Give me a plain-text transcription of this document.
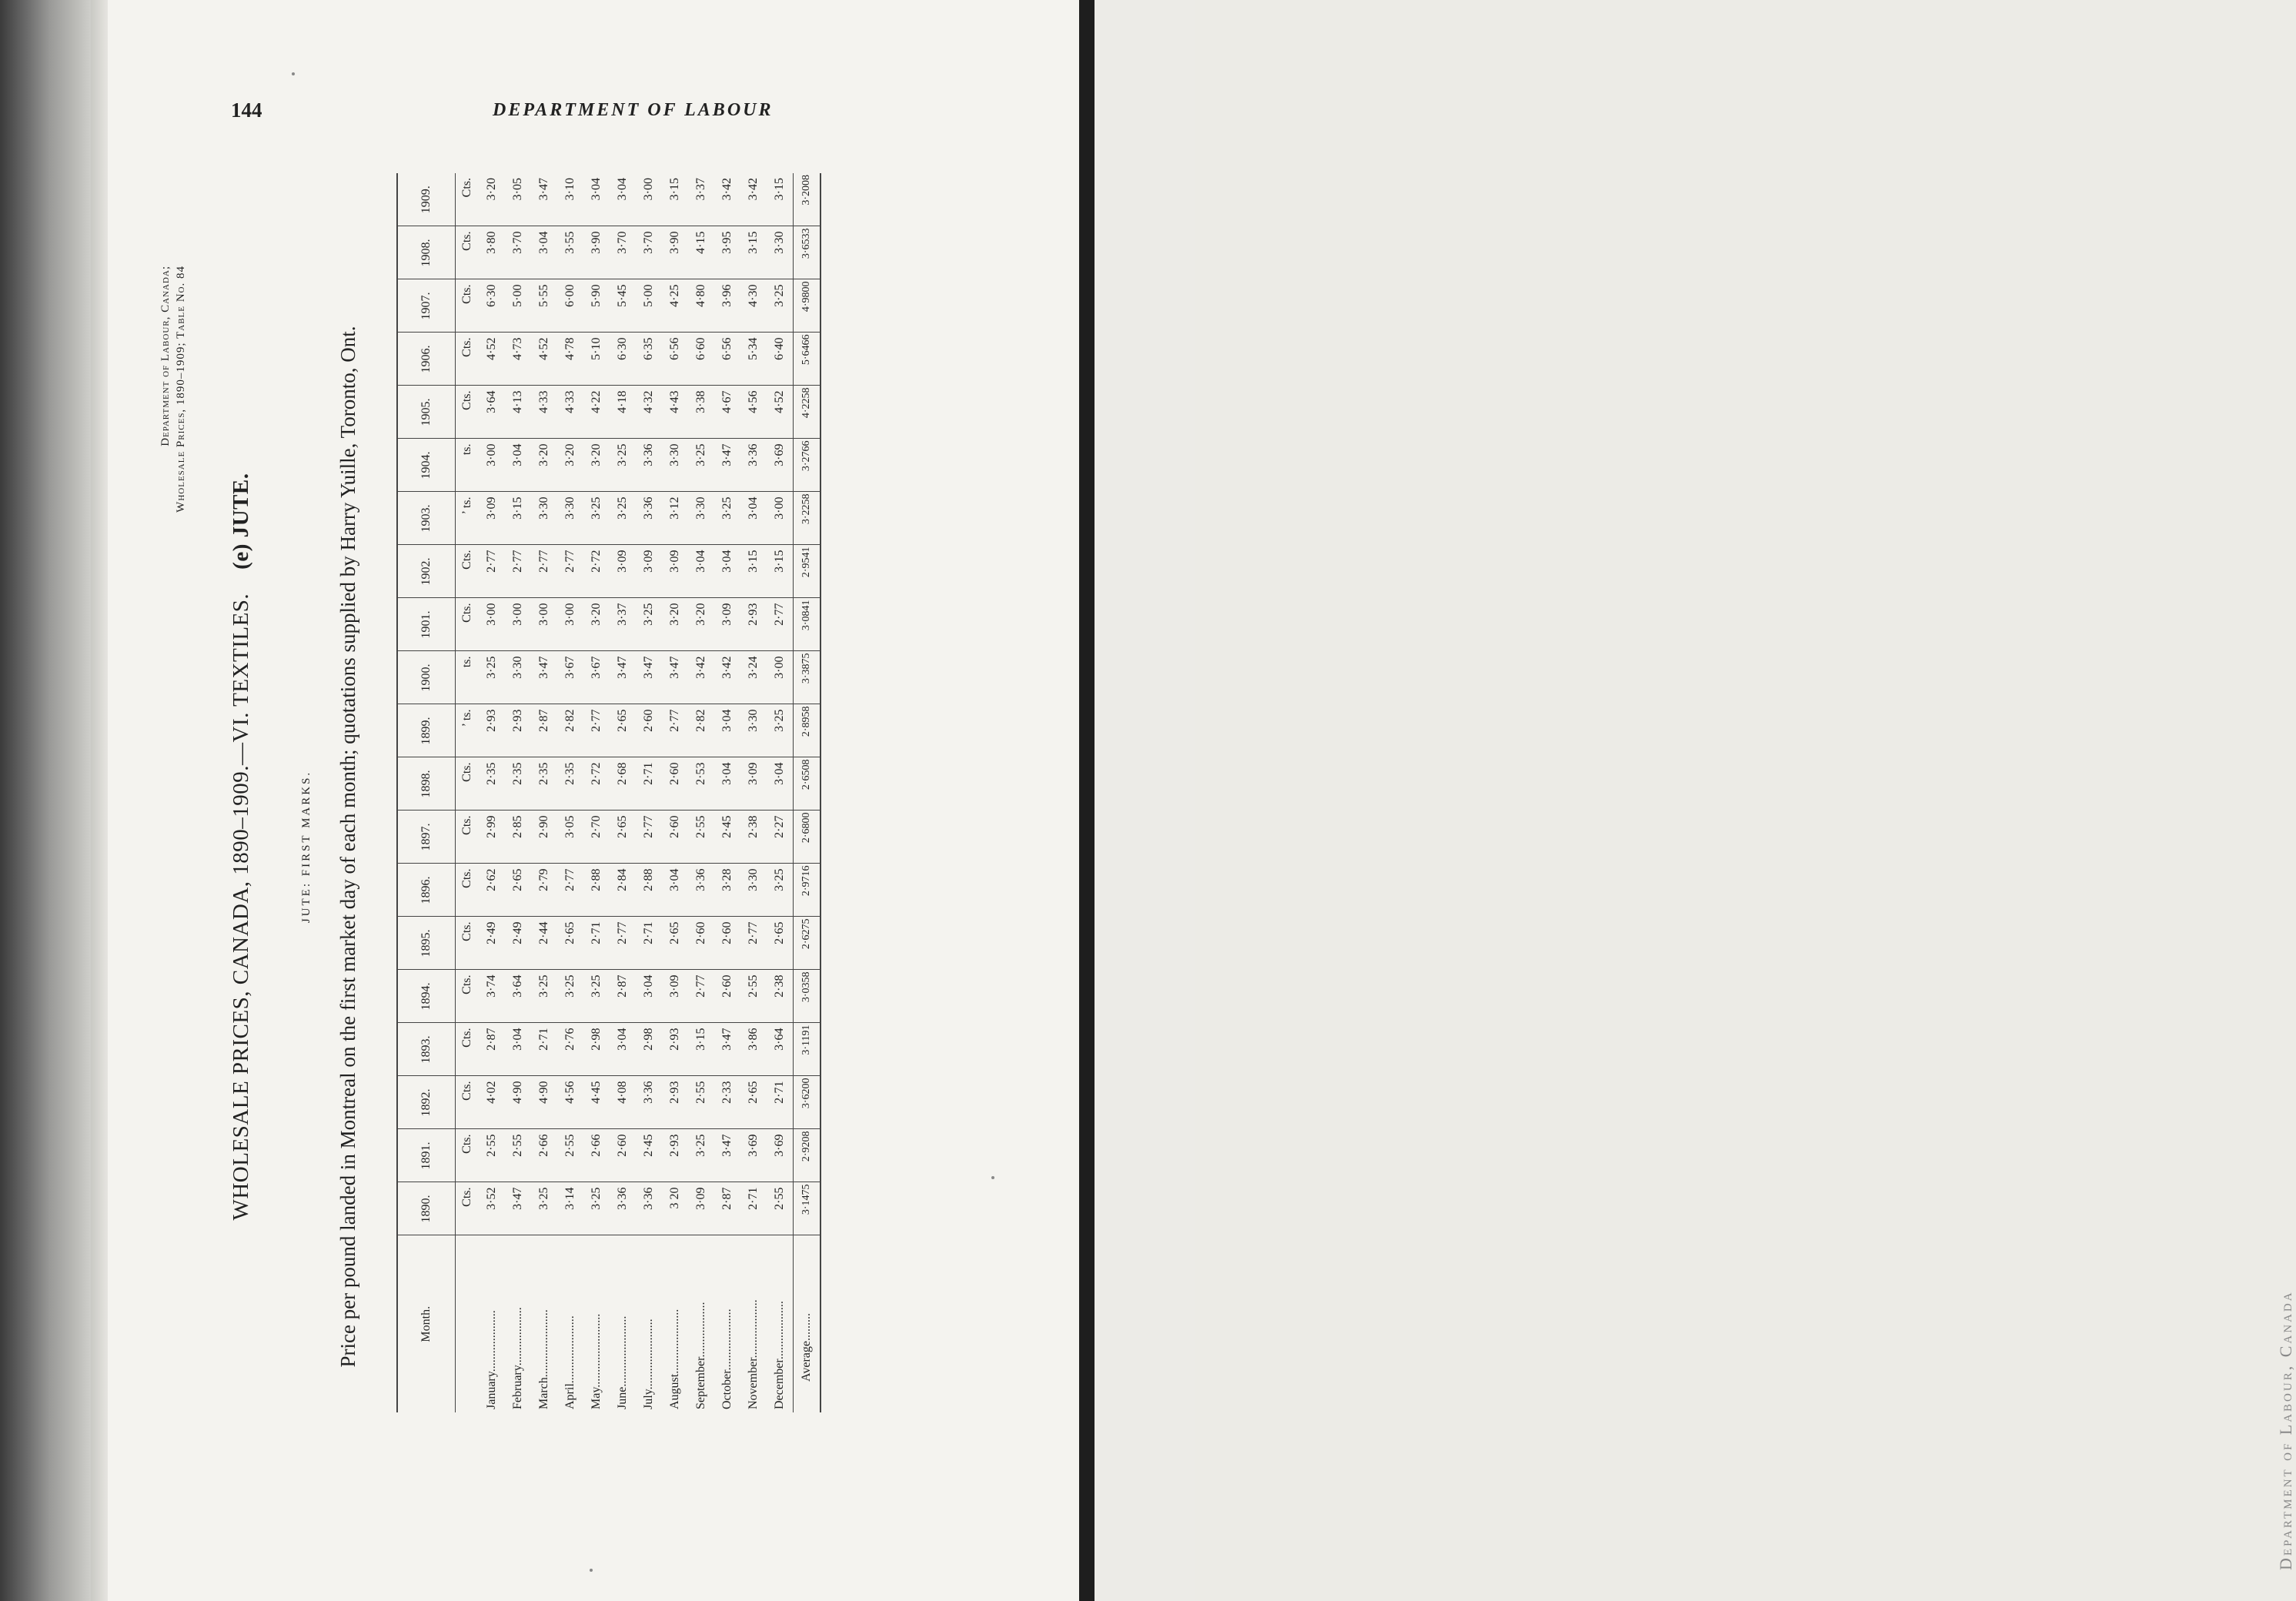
Department of Labour, Canada
144	DEPARTMENT OF LABOUR
Department of Labour, Canada; Wholesale Prices, 1890–1909; Table No. 84
WHOLESALE PRICES, CANADA, 1890–1909.—VI. TEXTILES.    (e) JUTE.
JUTE: FIRST MARKS. Price per pound landed in Montreal on the first market day of each month; quotations supplied by Harry Yuille, Toronto, Ont.	Month.	1890.	1891.	1892.	1893.	1894.	1895.	1896.	1897.	1898.	1899.	1900.	1901.	1902.	1903.	1904.	1905.	1906.	1907.	1908.	1909.
	Cts.	Cts.	Cts.	Cts.	Cts.	Cts.	Cts.	Cts.	Cts.	’ ts.	ts.	Cts.	Cts.	’ ts.	ts.	Cts.	Cts.	Cts.	Cts.	Cts.
January....................	3·52	2·55	4·02	2·87	3·74	2·49	2·62	2·99	2·35	2·93	3·25	3·00	2·77	3·09	3·00	3·64	4·52	6·30	3·80	3·20
February...................	3·47	2·55	4·90	3·04	3·64	2·49	2·65	2·85	2·35	2·93	3·30	3·00	2·77	3·15	3·04	4·13	4·73	5·00	3·70	3·05
March......................	3·25	2·66	4·90	2·71	3·25	2·44	2·79	2·90	2·35	2·87	3·47	3·00	2·77	3·30	3·20	4·33	4·52	5·55	3·04	3·47
April......................	3·14	2·55	4·56	2·76	3·25	2·65	2·77	3·05	2·35	2·82	3·67	3·00	2·77	3·30	3·20	4·33	4·78	6·00	3·55	3·10
May........................	3·25	2·66	4·45	2·98	3·25	2·71	2·88	2·70	2·72	2·77	3·67	3·20	2·72	3·25	3·20	4·22	5·10	5·90	3·90	3·04
June.......................	3·36	2·60	4·08	3·04	2·87	2·77	2·84	2·65	2·68	2·65	3·47	3·37	3·09	3·25	3·25	4·18	6·30	5·45	3·70	3·04
July.......................	3·36	2·45	3·36	2·98	3·04	2·71	2·88	2·77	2·71	2·60	3·47	3·25	3·09	3·36	3·36	4·32	6·35	5·00	3·70	3·00
August.....................	3 20	2·93	2·93	2·93	3·09	2·65	3·04	2·60	2·60	2·77	3·47	3·20	3·09	3·12	3·30	4·43	6·56	4·25	3·90	3·15
September..................	3·09	3·25	2·55	3·15	2·77	2·60	3·36	2·55	2·53	2·82	3·42	3·20	3·04	3·30	3·25	3·38	6·60	4·80	4·15	3·37
October....................	2·87	3·47	2·33	3·47	2·60	2·60	3·28	2·45	3·04	3·04	3·42	3·09	3·04	3·25	3·47	4·67	6·56	3·96	3·95	3·42
November...................	2·71	3·69	2·65	3·86	2·55	2·77	3·30	2·38	3·09	3·30	3·24	2·93	3·15	3·04	3·36	4·56	5·34	4·30	3·15	3·42
December...................	2·55	3·69	2·71	3·64	2·38	2·65	3·25	2·27	3·04	3·25	3·00	2·77	3·15	3·00	3·69	4·52	6·40	3·25	3·30	3·15
Average.........	3·1475	2·9208	3·6200	3·1191	3·0358	2·6275	2·9716	2·6800	2·6508	2·8958	3·3875	3·0841	2·9541	3·2258	3·2766	4·2258	5·6466	4·9800	3·6533	3·2008
